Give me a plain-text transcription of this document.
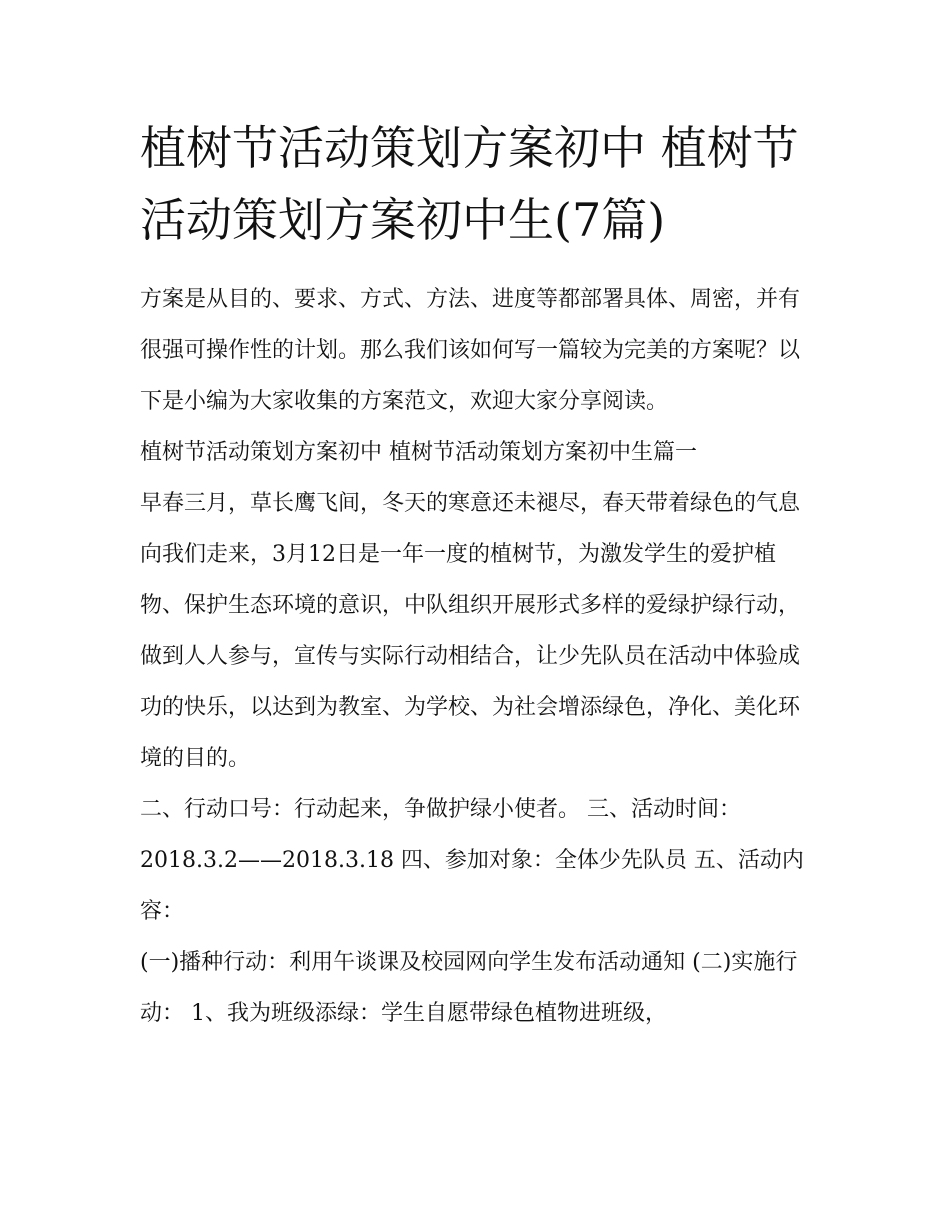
植树节活动策划方案初中 植树节活动策划方案初中生(7篇)

方案是从目的、要求、方式、方法、进度等都部署具体、周密，并有很强可操作性的计划。那么我们该如何写一篇较为完美的方案呢？以下是小编为大家收集的方案范文，欢迎大家分享阅读。

植树节活动策划方案初中 植树节活动策划方案初中生篇一

早春三月，草长鹰飞间，冬天的寒意还未褪尽，春天带着绿色的气息向我们走来，3月12日是一年一度的植树节，为激发学生的爱护植物、保护生态环境的意识，中队组织开展形式多样的爱绿护绿行动，做到人人参与，宣传与实际行动相结合，让少先队员在活动中体验成功的快乐，以达到为教室、为学校、为社会增添绿色，净化、美化环境的目的。

二、行动口号：行动起来，争做护绿小使者。 三、活动时间：2018.3.2——2018.3.18 四、参加对象：全体少先队员 五、活动内容：

(一)播种行动：利用午谈课及校园网向学生发布活动通知 (二)实施行动： 1、我为班级添绿：学生自愿带绿色植物进班级，
